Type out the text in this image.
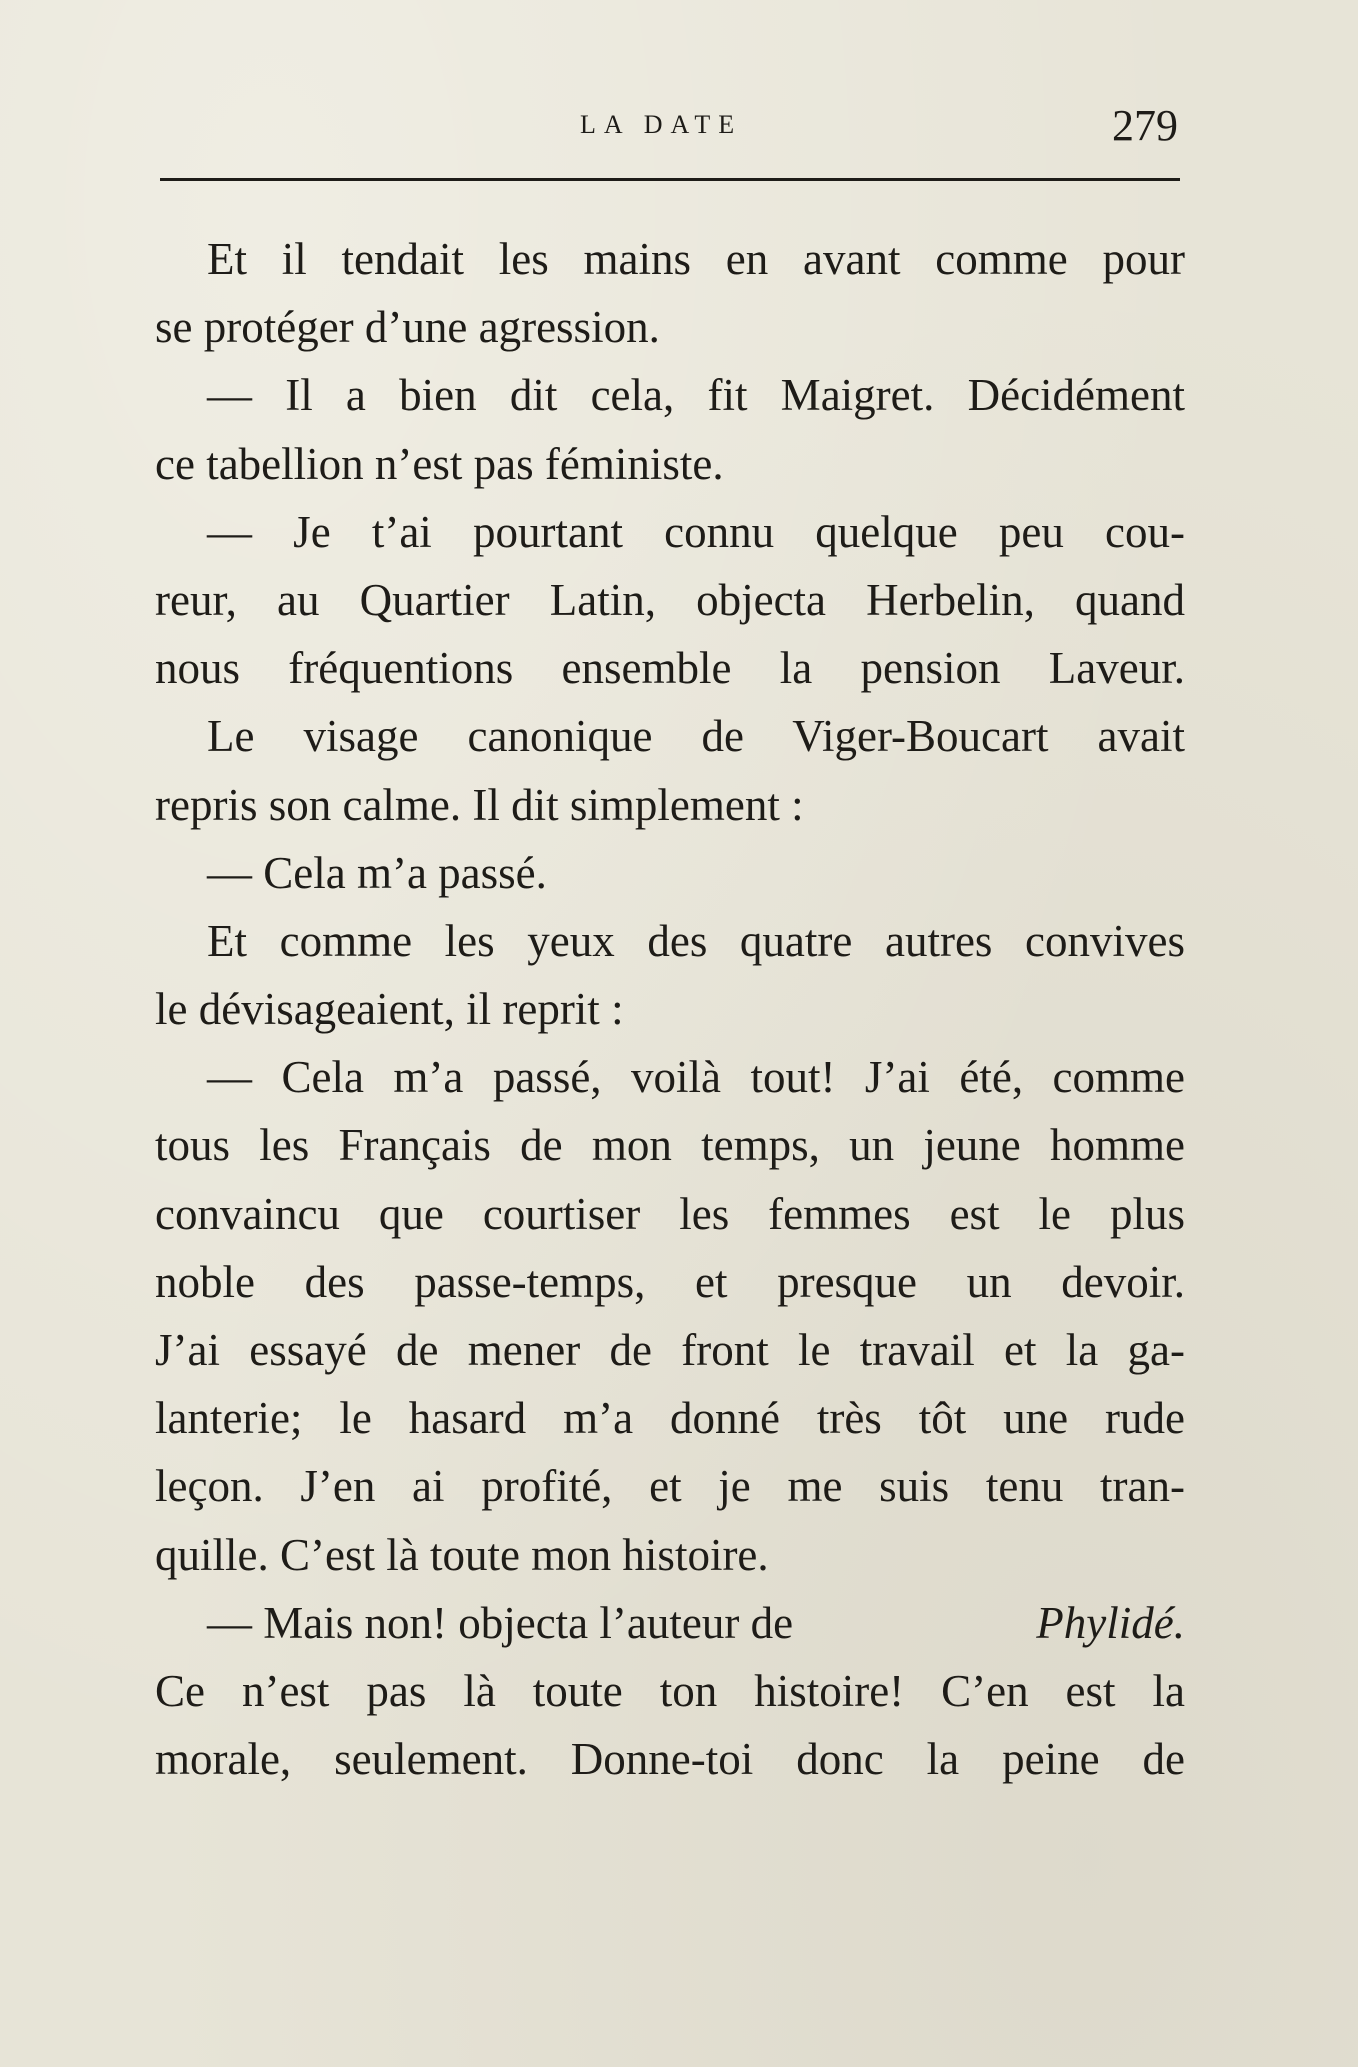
LA DATE	279
Et il tendait les mains en avant comme pour
se protéger d’une agression.
— Il a bien dit cela, fit Maigret. Décidément
ce tabellion n’est pas féministe.
— Je t’ai pourtant connu quelque peu cou-
reur, au Quartier Latin, objecta Herbelin, quand
nous fréquentions ensemble la pension Laveur.
Le visage canonique de Viger-Boucart avait
repris son calme. Il dit simplement :
— Cela m’a passé.
Et comme les yeux des quatre autres convives
le dévisageaient, il reprit :
— Cela m’a passé, voilà tout! J’ai été, comme
tous les Français de mon temps, un jeune homme
convaincu que courtiser les femmes est le plus
noble des passe-temps, et presque un devoir.
J’ai essayé de mener de front le travail et la ga-
lanterie; le hasard m’a donné très tôt une rude
leçon. J’en ai profité, et je me suis tenu tran-
quille. C’est là toute mon histoire.
— Mais non! objecta l’auteur de	Phylidé.
Ce n’est pas là toute ton histoire! C’en est la
morale, seulement. Donne-toi donc la peine de
